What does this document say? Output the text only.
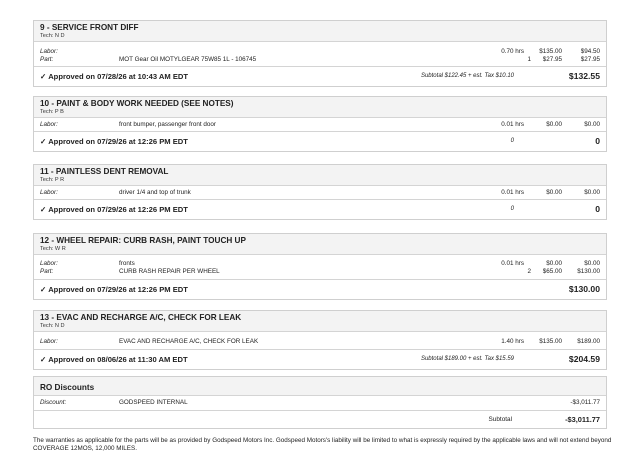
9 - SERVICE FRONT DIFF
Tech: N D
Labor:	0.70 hrs $135.00	$94.50
Part:	MOT Gear Oil MOTYLGEAR 75W85 1L - 106745	1 $27.95	$27.95
✓ Approved on 07/28/26 at 10:43 AM EDT	Subtotal $122.45 + est. Tax $10.10	$132.55
10 - PAINT & BODY WORK NEEDED (SEE NOTES)
Tech: P B
Labor:	front bumper, passenger front door	0.01 hrs	$0.00	$0.00
✓ Approved on 07/29/26 at 12:26 PM EDT	0	0
11 - PAINTLESS DENT REMOVAL
Tech: P R
Labor:	driver 1/4 and top of trunk	0.01 hrs	$0.00	$0.00
✓ Approved on 07/29/26 at 12:26 PM EDT	0	0
12 - WHEEL REPAIR: CURB RASH, PAINT TOUCH UP
Tech: W R
Labor:	fronts	0.01 hrs	$0.00	$0.00
Part:	CURB RASH REPAIR PER WHEEL	2 $65.00 $130.00
✓ Approved on 07/29/26 at 12:26 PM EDT	$130.00
13 - EVAC AND RECHARGE A/C, CHECK FOR LEAK
Tech: N D
Labor:	EVAC AND RECHARGE A/C, CHECK FOR LEAK	1.40 hrs $135.00 $189.00
✓ Approved on 08/06/26 at 11:30 AM EDT	Subtotal $189.00 + est. Tax $15.59	$204.59
RO Discounts
Discount:	GODSPEED INTERNAL	-$3,011.77
Subtotal	-$3,011.77
The warranties as applicable for the parts will be as provided by Godspeed Motors Inc. Godspeed Motors's liability will be limited to what is expressly required by the applicable laws and will not extend beyond COVERAGE 12MOS, 12,000 MILES.
